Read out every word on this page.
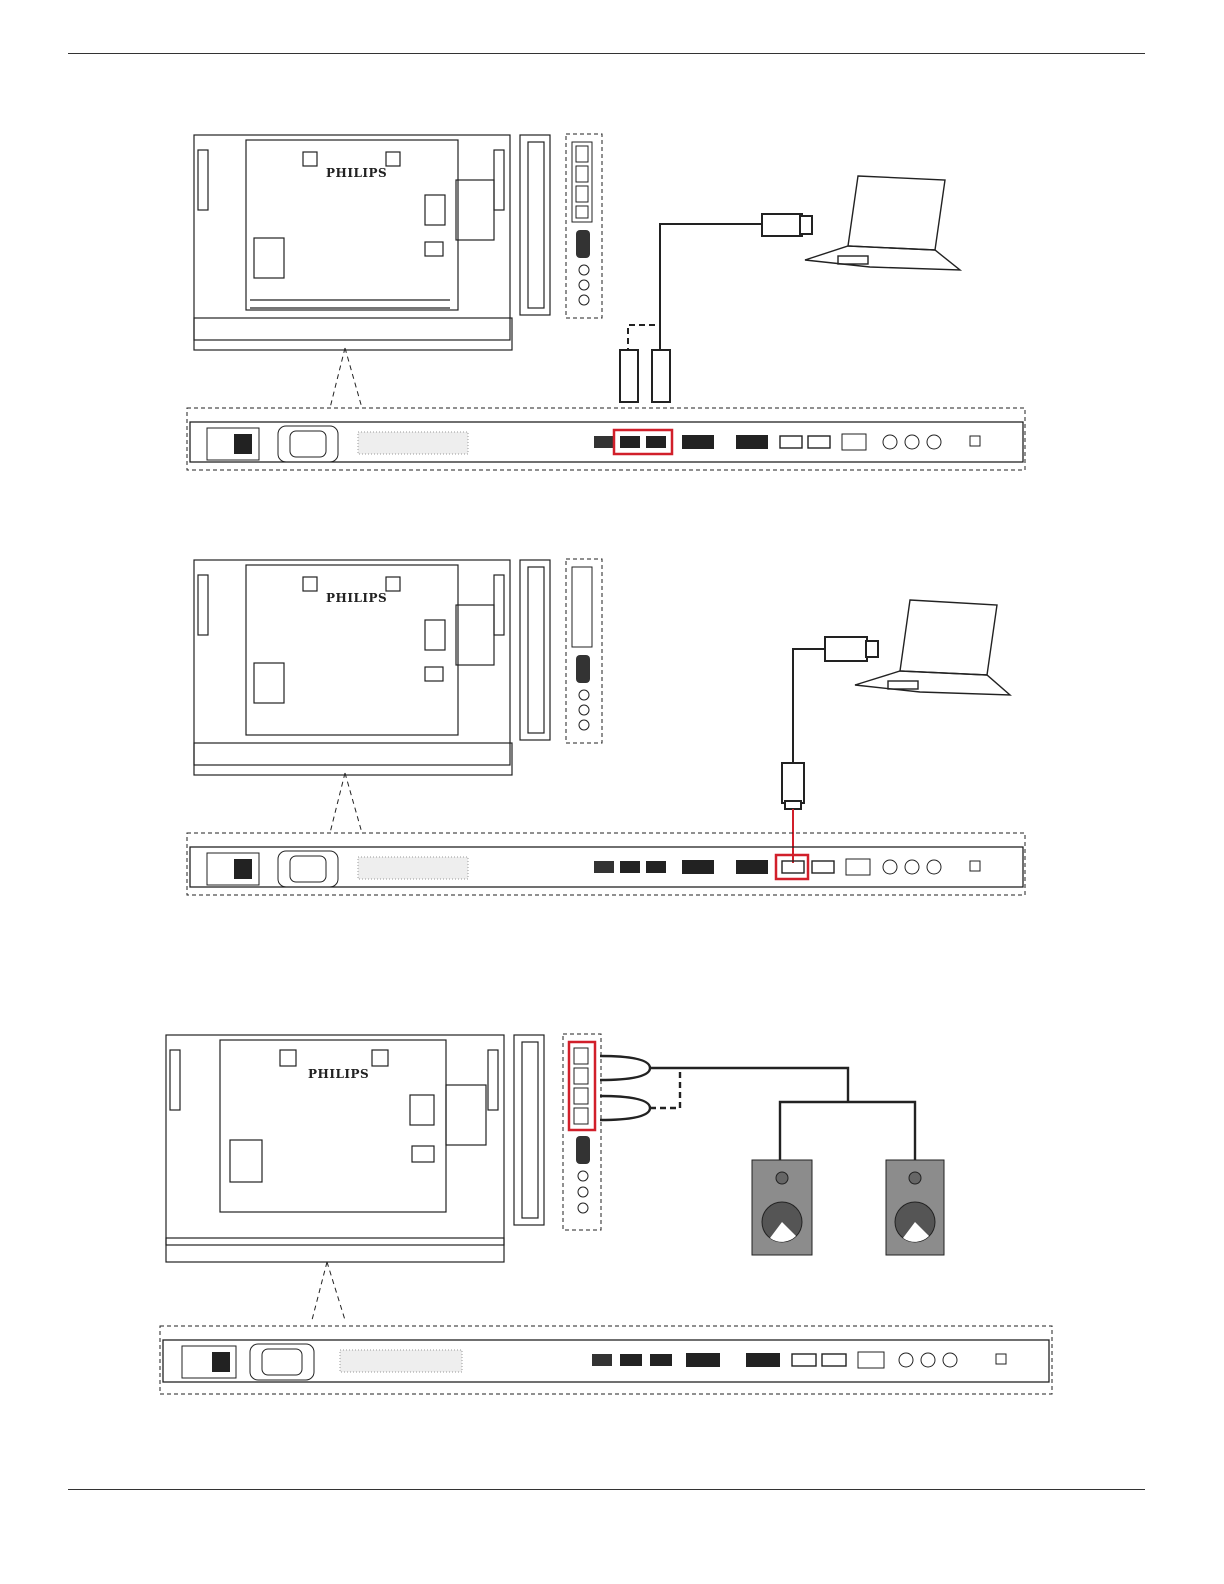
PHILIPS
PHILIPS
PHILIPS
